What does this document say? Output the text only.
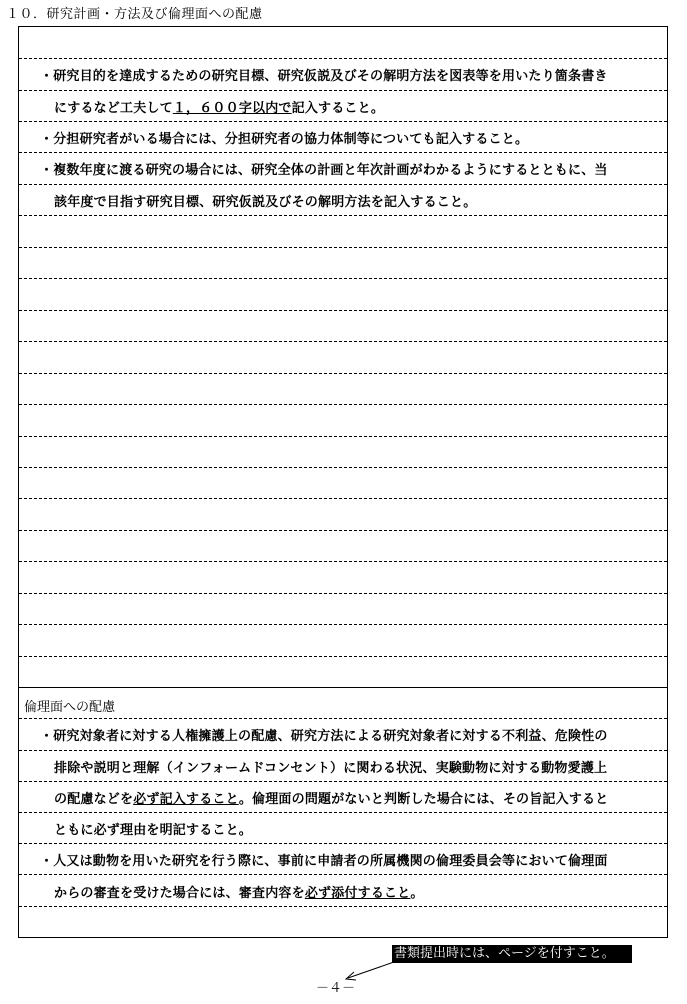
１０．研究計画・方法及び倫理面への配慮
・研究目的を達成するための研究目標、研究仮説及びその解明方法を図表等を用いたり箇条書き
にするなど工夫して１，６００字以内で記入すること。
・分担研究者がいる場合には、分担研究者の協力体制等についても記入すること。
・複数年度に渡る研究の場合には、研究全体の計画と年次計画がわかるようにするとともに、当
該年度で目指す研究目標、研究仮説及びその解明方法を記入すること。
倫理面への配慮
・研究対象者に対する人権擁護上の配慮、研究方法による研究対象者に対する不利益、危険性の
排除や説明と理解（インフォームドコンセント）に関わる状況、実験動物に対する動物愛護上
の配慮などを必ず記入すること。倫理面の問題がないと判断した場合には、その旨記入すると
ともに必ず理由を明記すること。
・人又は動物を用いた研究を行う際に、事前に申請者の所属機関の倫理委員会等において倫理面
からの審査を受けた場合には、審査内容を必ず添付すること。
書類提出時には、ページを付すこと。
－４－
